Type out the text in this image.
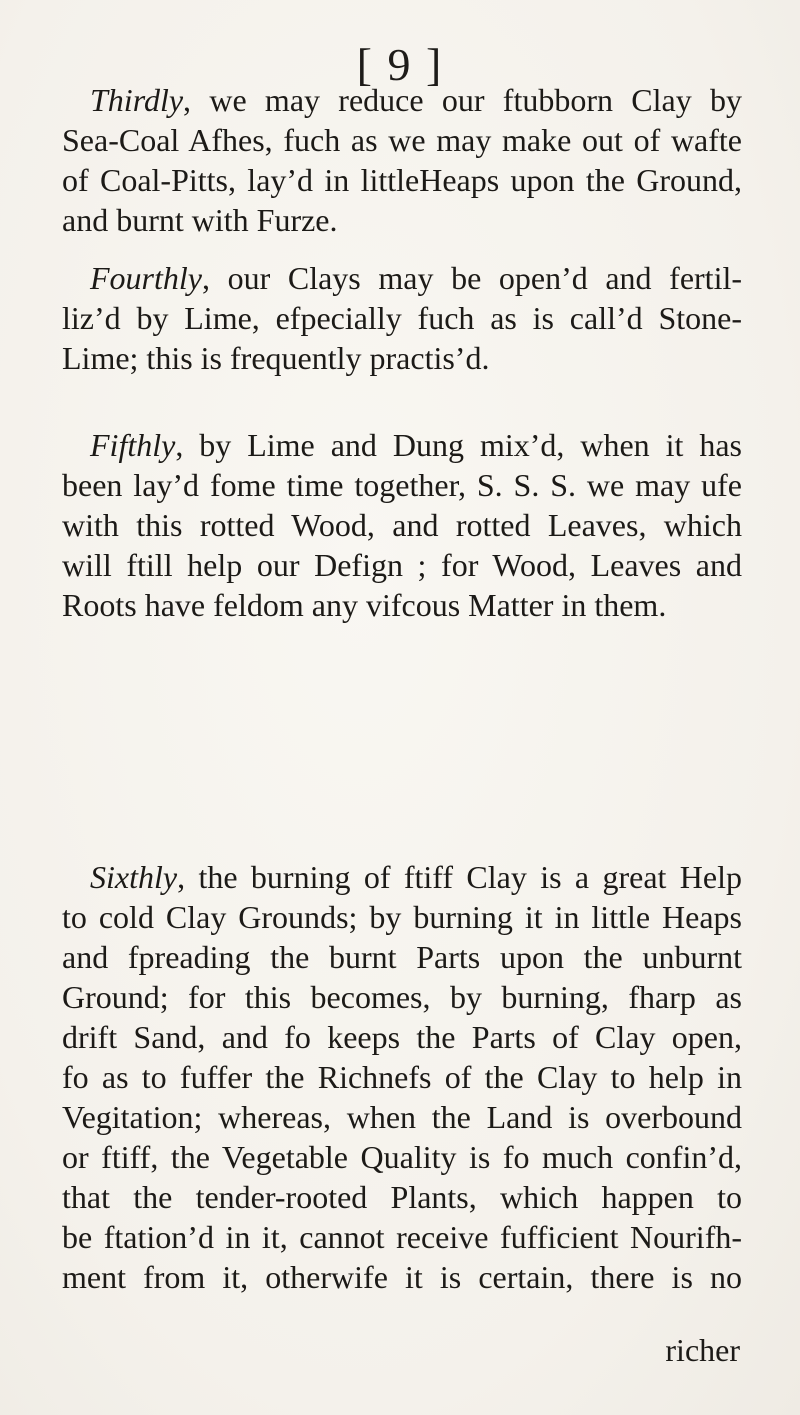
[ 9 ]
Thirdly, we may reduce our ftubborn Clay by
Sea-Coal Afhes, fuch as we may make out of wafte
of Coal-Pitts, lay’d in littleHeaps upon the Ground,
and burnt with Furze.
Fourthly, our Clays may be open’d and fertil-
liz’d by Lime, efpecially fuch as is call’d Stone-
Lime; this is frequently practis’d.
Fifthly, by Lime and Dung mix’d, when it has
been lay’d fome time together, S. S. S. we may ufe
with this rotted Wood, and rotted Leaves, which
will ftill help our Defign ; for Wood, Leaves and
Roots have feldom any vifcous Matter in them.
Sixthly, the burning of ftiff Clay is a great Help
to cold Clay Grounds; by burning it in little Heaps
and fpreading the burnt Parts upon the unburnt
Ground; for this becomes, by burning, fharp as
drift Sand, and fo keeps the Parts of Clay open,
fo as to fuffer the Richnefs of the Clay to help in
Vegitation; whereas, when the Land is overbound
or ftiff, the Vegetable Quality is fo much confin’d,
that the tender-rooted Plants, which happen to
be ftation’d in it, cannot receive fufficient Nourifh-
ment from it, otherwife it is certain, there is no
richer
